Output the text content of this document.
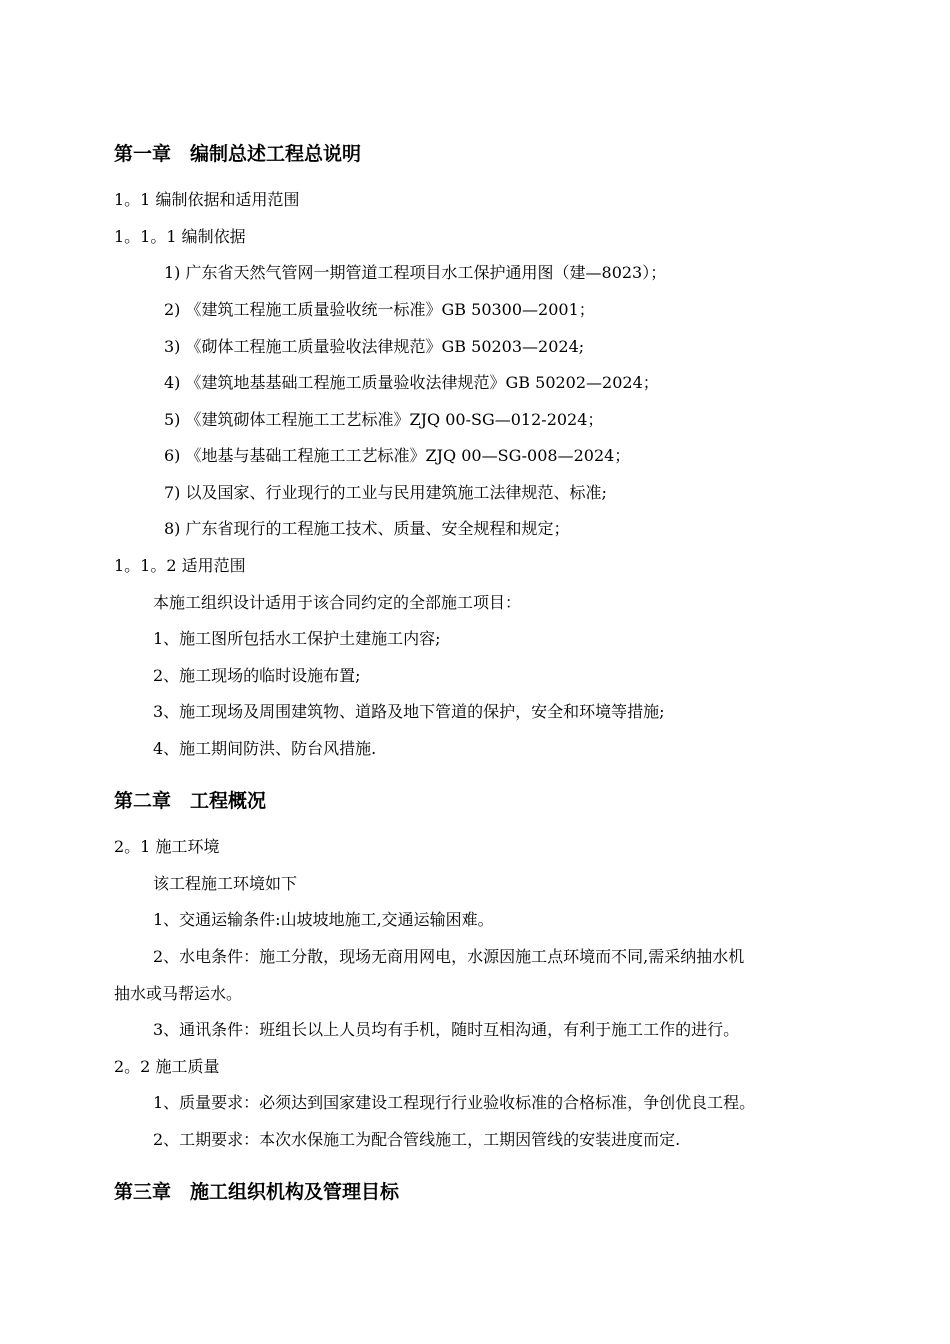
第一章　编制总述工程总说明
1。1 编制依据和适用范围
1。1。1 编制依据
1) 广东省天然气管网一期管道工程项目水工保护通用图（建—8023）；
2) 《建筑工程施工质量验收统一标准》GB 50300—2001；
3) 《砌体工程施工质量验收法律规范》GB 50203—2024;
4) 《建筑地基基础工程施工质量验收法律规范》GB 50202—2024；
5) 《建筑砌体工程施工工艺标准》ZJQ 00-SG—012-2024；
6) 《地基与基础工程施工工艺标准》ZJQ 00—SG-008—2024；
7) 以及国家、行业现行的工业与民用建筑施工法律规范、标准;
8) 广东省现行的工程施工技术、质量、安全规程和规定；
1。1。2 适用范围
本施工组织设计适用于该合同约定的全部施工项目：
1、施工图所包括水工保护土建施工内容;
2、施工现场的临时设施布置;
3、施工现场及周围建筑物、道路及地下管道的保护，安全和环境等措施;
4、施工期间防洪、防台风措施.
第二章　工程概况
2。1 施工环境
该工程施工环境如下
1、交通运输条件:山坡坡地施工,交通运输困难。
2、水电条件：施工分散，现场无商用网电，水源因施工点环境而不同,需采纳抽水机
抽水或马帮运水。
3、通讯条件：班组长以上人员均有手机，随时互相沟通，有利于施工工作的进行。
2。2 施工质量
1、质量要求：必须达到国家建设工程现行行业验收标准的合格标准，争创优良工程。
2、工期要求：本次水保施工为配合管线施工，工期因管线的安装进度而定.
第三章　施工组织机构及管理目标
